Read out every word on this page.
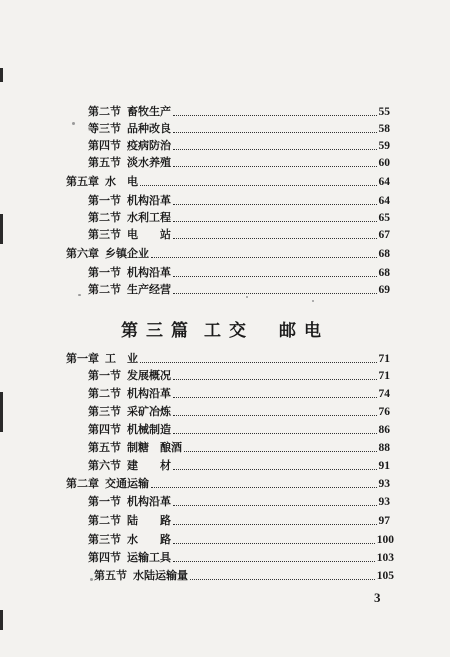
第二节 畜牧生产	55
等三节 品种改良	58
第四节 疫病防治	59
第五节 淡水养殖	60
第五章 水　电	64
第一节 机构沿革	64
第二节 水利工程	65
第三节 电　　站	67
第六章 乡镇企业	68
第一节 机构沿革	68
第二节 生产经营	69
第三篇 工交　邮电
第一章 工　业	71
第一节 发展概况	71
第二节 机构沿革	74
第三节 采矿冶炼	76
第四节 机械制造	86
第五节 制糖　酿酒	88
第六节 建　　材	91
第二章 交通运输	93
第一节 机构沿革	93
第二节 陆　　路	97
第三节 水　　路	100
第四节 运输工具	103
第五节 水陆运输量	105
3
